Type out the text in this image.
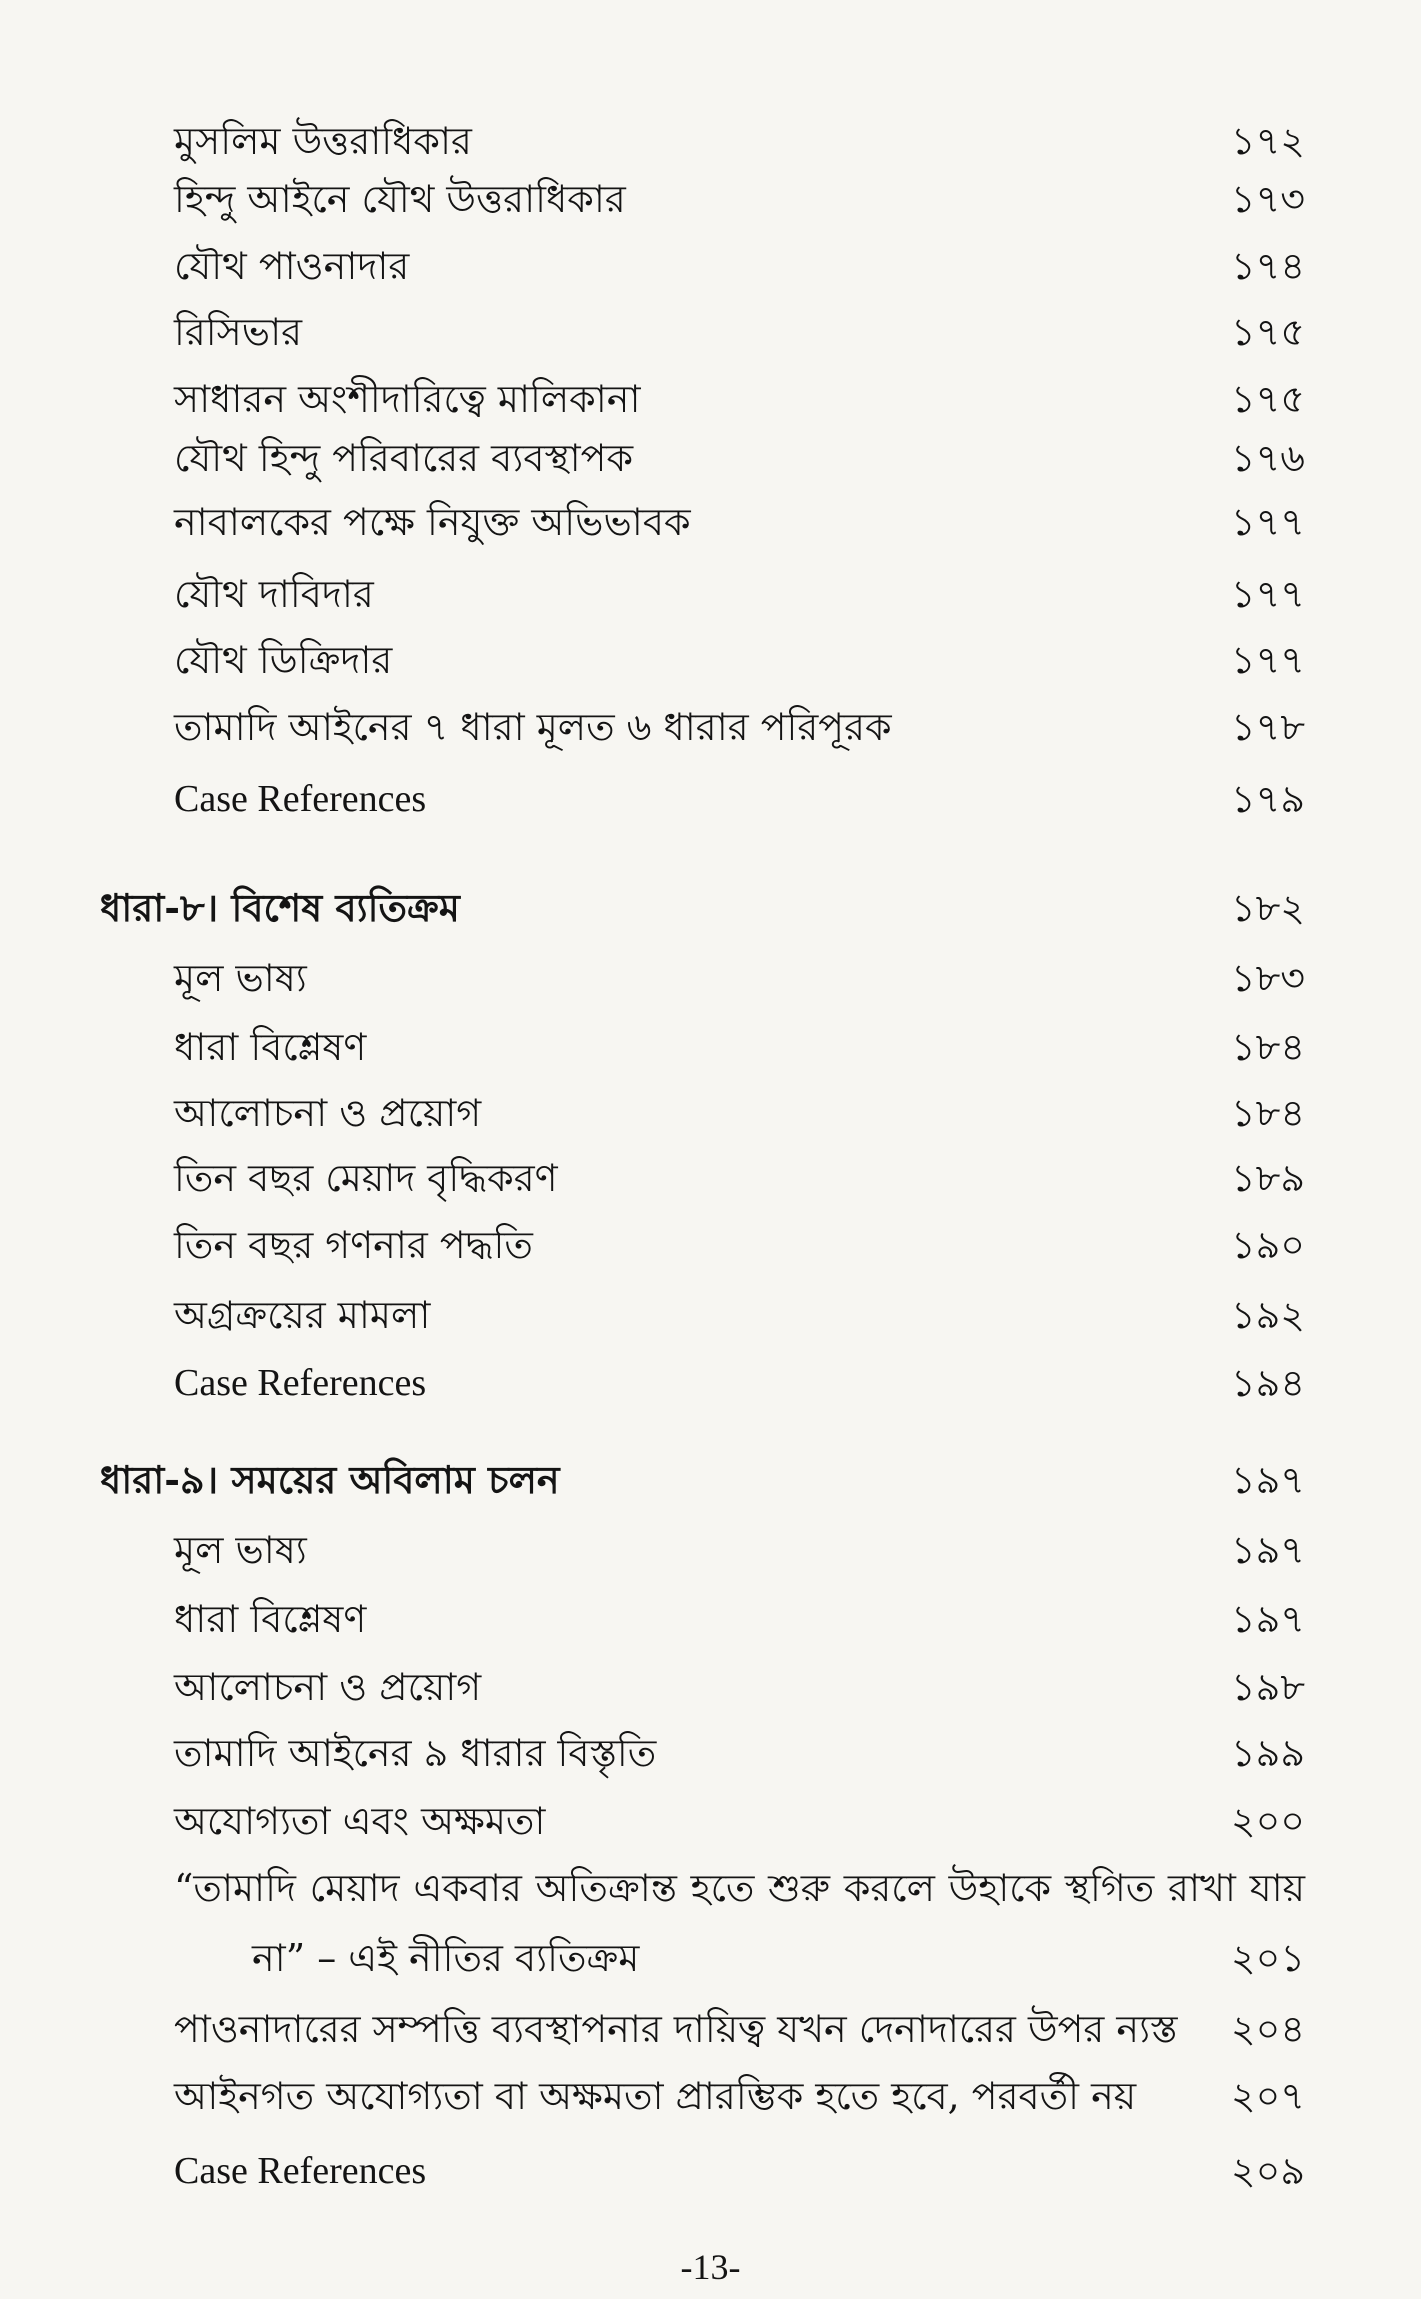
মুসলিম উত্তরাধিকার	১৭২
হিন্দু আইনে যৌথ উত্তরাধিকার	১৭৩
যৌথ পাওনাদার	১৭৪
রিসিভার	১৭৫
সাধারন অংশীদারিত্বে মালিকানা	১৭৫
যৌথ হিন্দু পরিবারের ব্যবস্থাপক	১৭৬
নাবালকের পক্ষে নিযুক্ত অভিভাবক	১৭৭
যৌথ দাবিদার	১৭৭
যৌথ ডিক্রিদার	১৭৭
তামাদি আইনের ৭ ধারা মূলত ৬ ধারার পরিপূরক	১৭৮
Case References	১৭৯
ধারা-৮। বিশেষ ব্যতিক্রম	১৮২
মূল ভাষ্য	১৮৩
ধারা বিশ্লেষণ	১৮৪
আলোচনা ও প্রয়োগ	১৮৪
তিন বছর মেয়াদ বৃদ্ধিকরণ	১৮৯
তিন বছর গণনার পদ্ধতি	১৯০
অগ্রক্রয়ের মামলা	১৯২
Case References	১৯৪
ধারা-৯। সময়ের অবিলাম চলন	১৯৭
মূল ভাষ্য	১৯৭
ধারা বিশ্লেষণ	১৯৭
আলোচনা ও প্রয়োগ	১৯৮
তামাদি আইনের ৯ ধারার বিস্তৃতি	১৯৯
অযোগ্যতা এবং অক্ষমতা	২০০
“তামাদি মেয়াদ একবার অতিক্রান্ত হতে শুরু করলে উহাকে স্থগিত রাখা যায়
না” – এই নীতির ব্যতিক্রম	২০১
পাওনাদারের সম্পত্তি ব্যবস্থাপনার দায়িত্ব যখন দেনাদারের উপর ন্যস্ত ২০৪
আইনগত অযোগ্যতা বা অক্ষমতা প্রারম্ভিক হতে হবে, পরবর্তী নয় ২০৭
Case References	২০৯
-13-
